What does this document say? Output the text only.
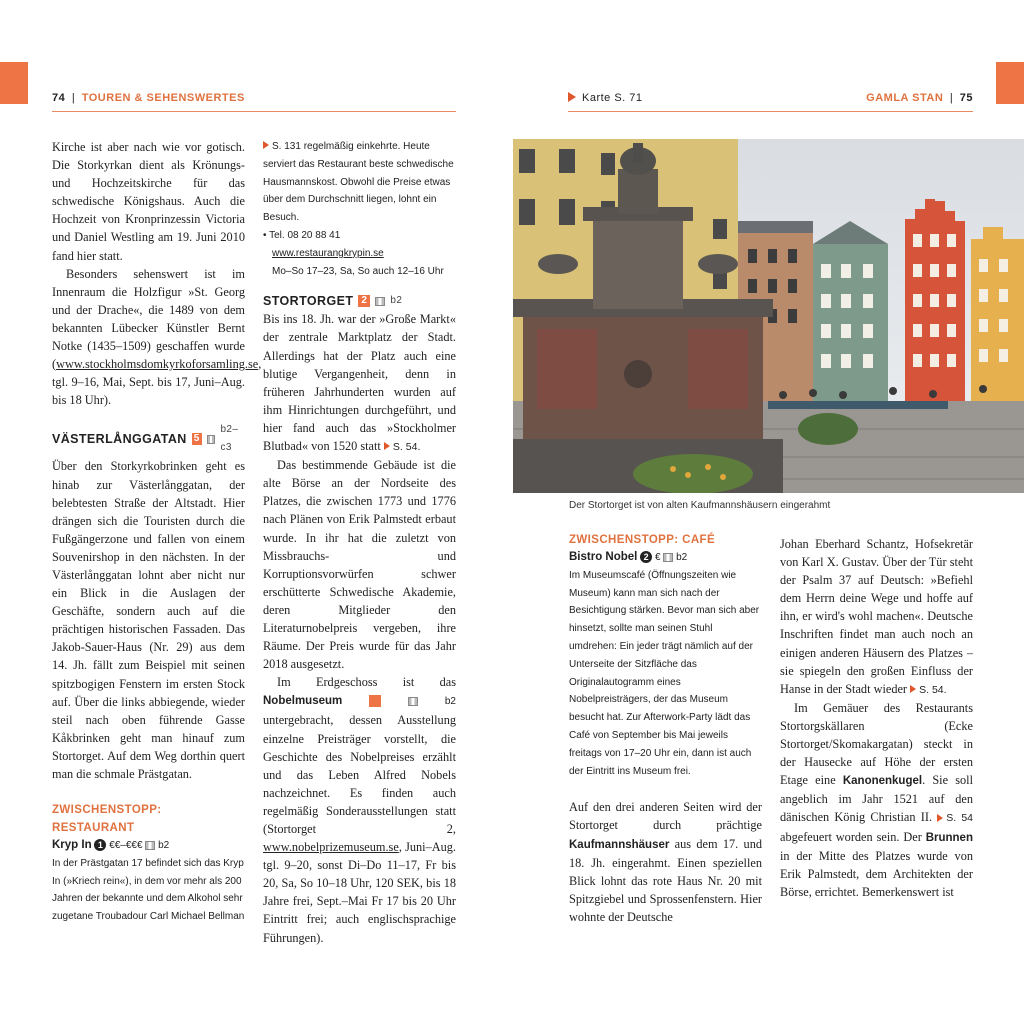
74 | TOUREN & SEHENSWERTES	Karte S. 71	GAMLA STAN | 75

Kirche ist aber nach wie vor gotisch. Die Storkyrkan dient als Krönungs- und Hochzeitskirche für das schwedische Königshaus. Auch die Hochzeit von Kronprinzessin Victoria und Daniel Westling am 19. Juni 2010 fand hier statt.

Besonders sehenswert ist im Innenraum die Holzfigur »St. Georg und der Drache«, die 1489 von dem bekannten Lübecker Künstler Bernt Notke (1435–1509) geschaffen wurde (www.stockholmsdomkyrkoforsamling.se, tgl. 9–16, Mai, Sept. bis 17, Juni–Aug. bis 18 Uhr).

VÄSTERLÅNGGATAN 5
b2–c3

Über den Storkyrkobrinken geht es hinab zur Västerlånggatan, der belebtesten Straße der Altstadt. Hier drängen sich die Touristen durch die Fußgängerzone und fallen von einem Souvenirshop in den nächsten. In der Västerlånggatan lohnt aber nicht nur ein Blick in die Auslagen der Geschäfte, sondern auch auf die prächtigen historischen Fassaden. Das Jakob-Sauer-Haus (Nr. 29) aus dem 14. Jh. fällt zum Beispiel mit seinen spitzbogigen Fenstern im ersten Stock auf. Über die links abbiegende, wieder steil nach oben führende Gasse Kåkbrinken geht man hinauf zum Stortorget. Auf dem Weg dorthin quert man die schmale Prästgatan.

ZWISCHENSTOPP: RESTAURANT
Kryp In 1 €€–€€€ b2

In der Prästgatan 17 befindet sich das Kryp In (»Kriech rein«), in dem vor mehr als 200 Jahren der bekannte und dem Alkohol sehr zugetane Troubadour Carl Michael Bellman

S. 131 regelmäßig einkehrte. Heute serviert das Restaurant beste schwedische Hausmannskost. Obwohl die Preise etwas über dem Durchschnitt liegen, lohnt ein Besuch.

• Tel. 08 20 88 41

www.restaurangkrypin.se

Mo–So 17–23, Sa, So auch 12–16 Uhr

STORTORGET 2	b2

Bis ins 18. Jh. war der »Große Markt« der zentrale Marktplatz der Stadt. Allerdings hat der Platz auch eine blutige Vergangenheit, denn in früheren Jahrhunderten wurden auf ihm Hinrichtungen durchgeführt, und hier fand auch das »Stockholmer Blutbad« von 1520 statt S. 54.

Das bestimmende Gebäude ist die alte Börse an der Nordseite des Platzes, die zwischen 1773 und 1776 nach Plänen von Erik Palmstedt erbaut wurde. In ihr hat die zuletzt von Missbrauchs- und Korruptionsvorwürfen schwer erschütterte Schwedische Akademie, deren Mitglieder den Literaturnobelpreis vergeben, ihre Räume. Der Preis wurde für das Jahr 2018 ausgesetzt.

Im Erdgeschoss ist das Nobelmuseum	6	b2 untergebracht, dessen Ausstellung einzelne Preisträger vorstellt, die Geschichte des Nobelpreises erzählt und das Leben Alfred Nobels nachzeichnet. Es finden auch regelmäßig Sonderausstellungen statt (Stortorget 2, www.nobelprizemuseum.se, Juni–Aug. tgl. 9–20, sonst Di–Do 11–17, Fr bis 20, Sa, So 10–18 Uhr, 120 SEK, bis 18 Jahre frei, Sept.–Mai Fr 17 bis 20 Uhr Eintritt frei; auch englischsprachige Führungen).

Der Stortorget ist von alten Kaufmannshäusern eingerahmt
ZWISCHENSTOPP: CAFÉ
Bistro Nobel 2 € b2

Im Museumscafé (Öffnungszeiten wie Museum) kann man sich nach der Besichtigung stärken. Bevor man sich aber hinsetzt, sollte man seinen Stuhl umdrehen: Ein jeder trägt nämlich auf der Unterseite der Sitzfläche das Originalautogramm eines Nobelpreisträgers, der das Museum besucht hat. Zur Afterwork-Party lädt das Café von September bis Mai jeweils freitags von 17–20 Uhr ein, dann ist auch der Eintritt ins Museum frei.

Auf den drei anderen Seiten wird der Stortorget durch prächtige Kaufmannshäuser aus dem 17. und 18. Jh. eingerahmt. Einen speziellen Blick lohnt das rote Haus Nr. 20 mit Spitzgiebel und Sprossenfenstern. Hier wohnte der Deutsche

Johan Eberhard Schantz, Hofsekretär von Karl X. Gustav. Über der Tür steht der Psalm 37 auf Deutsch: »Befiehl dem Herrn deine Wege und hoffe auf ihn, er wird's wohl machen«. Deutsche Inschriften findet man auch noch an einigen anderen Häusern des Platzes – sie spiegeln den großen Einfluss der Hanse in der Stadt wieder S. 54.

Im Gemäuer des Restaurants Stortorgskällaren (Ecke Stortorget/Skomakargatan) steckt in der Hausecke auf Höhe der ersten Etage eine Kanonenkugel. Sie soll angeblich im Jahr 1521 auf den dänischen König Christian II. S. 54 abgefeuert worden sein. Der Brunnen in der Mitte des Platzes wurde von Erik Palmstedt, dem Architekten der Börse, errichtet. Bemerkenswert ist
